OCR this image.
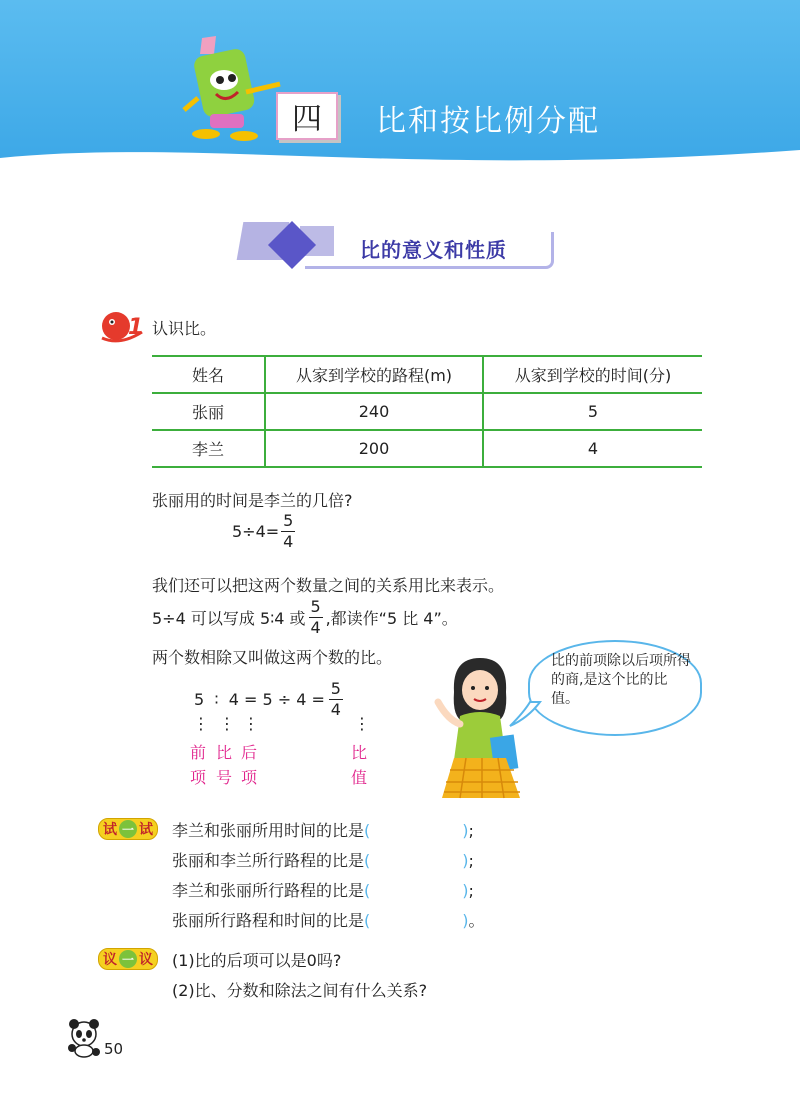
四 比和按比例分配
比的意义和性质
1 认识比。
姓名	从家到学校的路程(m)	从家到学校的时间(分)
张丽	240	5
李兰	200	4
张丽用的时间是李兰的几倍?
$5\div 4= \frac{5}{4}$
我们还可以把这两个数量之间的关系用比来表示。
5÷4 可以写成 5∶4 或 $\frac{5}{4}$ ,都读作“5 比 4”。
两个数相除又叫做这两个数的比。
5  ∶  $4 = 5 \div 4 = \frac{5}{4}$
⋮ ⋮ ⋮	⋮
前
项
比
号
后
项
比
值
比的前项除以后项所得的商,是这个比的比值。
试 一 试 李兰和张丽所用时间的比是(	);
张丽和李兰所行路程的比是(	);
李兰和张丽所行路程的比是(	);
张丽所行路程和时间的比是(	)。
议 一 议 (1)比的后项可以是0吗?
(2)比、分数和除法之间有什么关系?
50
